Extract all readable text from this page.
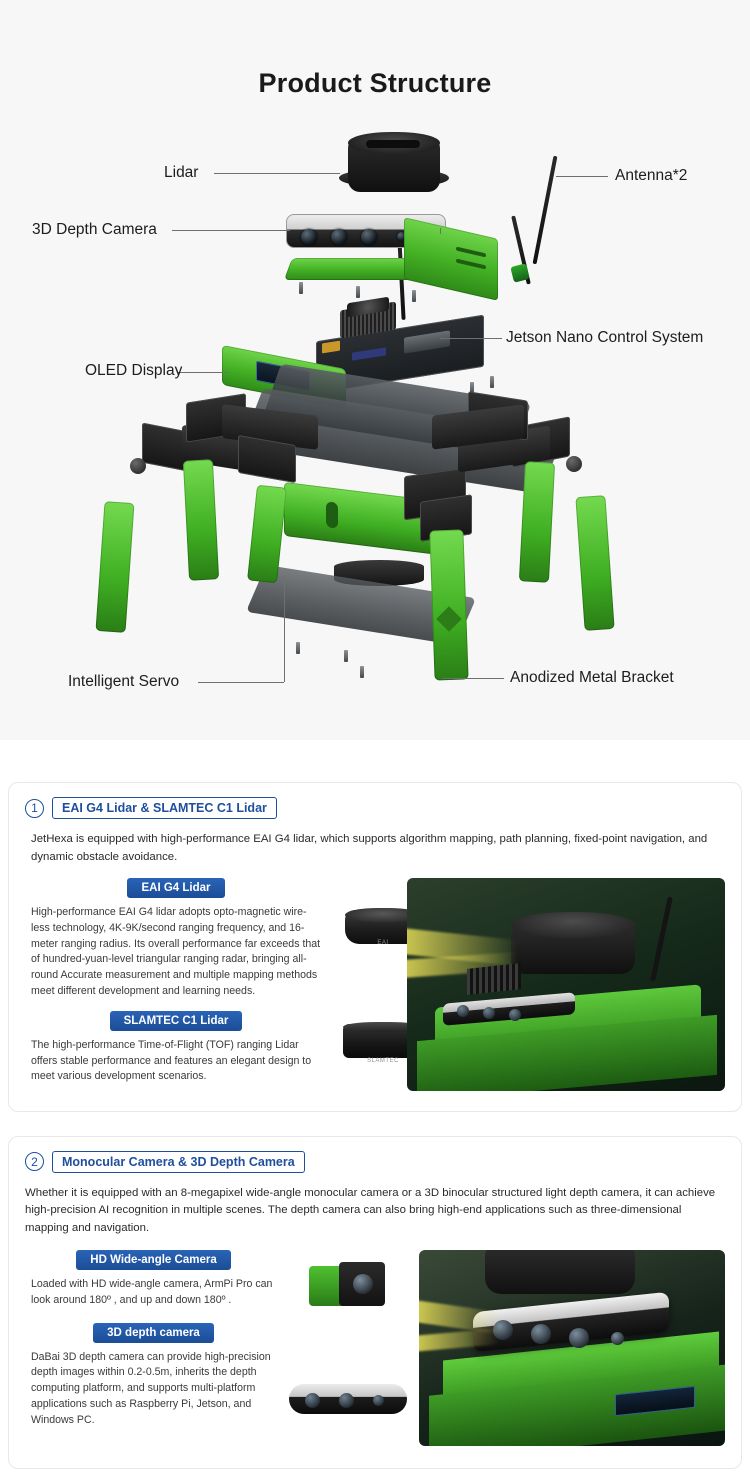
Product Structure
Lidar	Antenna*2
3D Depth Camera
Jetson Nano Control System
OLED Display
Intelligent Servo	Anodized Metal Bracket
1	EAI G4 Lidar & SLAMTEC C1 Lidar

JetHexa is equipped with high-performance EAI G4 lidar, which supports algorithm mapping, path planning, fixed-point navigation, and dynamic obstacle avoidance.

EAI G4 Lidar

High-performance EAI G4 lidar adopts opto-magnetic wire-less technology, 4K-9K/second ranging frequency, and 16-meter ranging radius. Its overall performance far exceeds that of hundred-yuan-level triangular ranging radar, bringing all-round Accurate measurement and multiple mapping methods meet different development and learning needs.

SLAMTEC C1 Lidar

The high-performance Time-of-Flight (TOF) ranging Lidar offers stable performance and features an elegant design to meet various development scenarios.

EAI
SLAMTEC
2	Monocular Camera & 3D Depth Camera

Whether it is equipped with an 8-megapixel wide-angle monocular camera or a 3D binocular structured light depth camera, it can achieve high-precision AI recognition in multiple scenes. The depth camera can also bring high-end applications such as three-dimensional mapping and navigation.

HD Wide-angle Camera

Loaded with HD wide-angle camera, ArmPi Pro can look around 180º , and up and down 180º .

3D depth camera

DaBai 3D depth camera can provide high-precision depth images within 0.2-0.5m, inherits the depth computing platform, and supports multi-platform applications such as Raspberry Pi, Jetson, and Windows PC.
